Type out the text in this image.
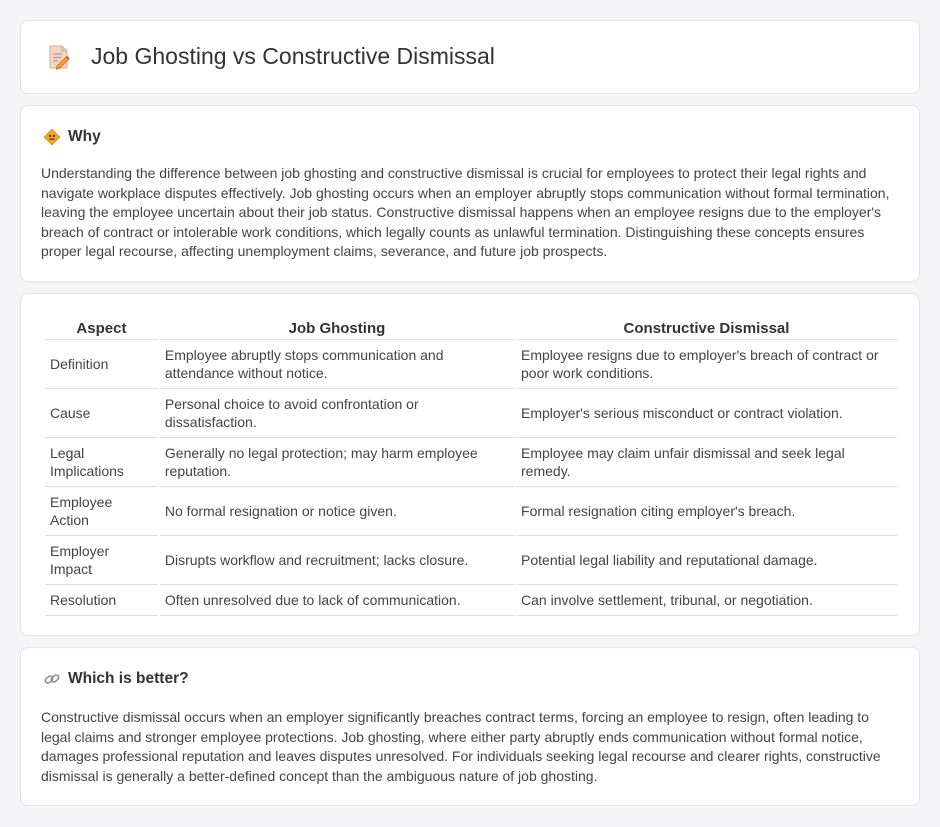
Job Ghosting vs Constructive Dismissal
Why

Understanding the difference between job ghosting and constructive dismissal is crucial for employees to protect their legal rights and navigate workplace disputes effectively. Job ghosting occurs when an employer abruptly stops communication without formal termination, leaving the employee uncertain about their job status. Constructive dismissal happens when an employee resigns due to the employer's breach of contract or intolerable work conditions, which legally counts as unlawful termination. Distinguishing these concepts ensures proper legal recourse, affecting unemployment claims, severance, and future job prospects.

Aspect	Job Ghosting	Constructive Dismissal
Definition	Employee abruptly stops communication and attendance without notice.	Employee resigns due to employer's breach of contract or poor work conditions.
Cause	Personal choice to avoid confrontation or dissatisfaction.	Employer's serious misconduct or contract violation.
Legal Implications	Generally no legal protection; may harm employee reputation.	Employee may claim unfair dismissal and seek legal remedy.
Employee Action	No formal resignation or notice given.	Formal resignation citing employer's breach.
Employer Impact	Disrupts workflow and recruitment; lacks closure.	Potential legal liability and reputational damage.
Resolution	Often unresolved due to lack of communication.	Can involve settlement, tribunal, or negotiation.
Which is better?

Constructive dismissal occurs when an employer significantly breaches contract terms, forcing an employee to resign, often leading to legal claims and stronger employee protections. Job ghosting, where either party abruptly ends communication without formal notice, damages professional reputation and leaves disputes unresolved. For individuals seeking legal recourse and clearer rights, constructive dismissal is generally a better-defined concept than the ambiguous nature of job ghosting.
